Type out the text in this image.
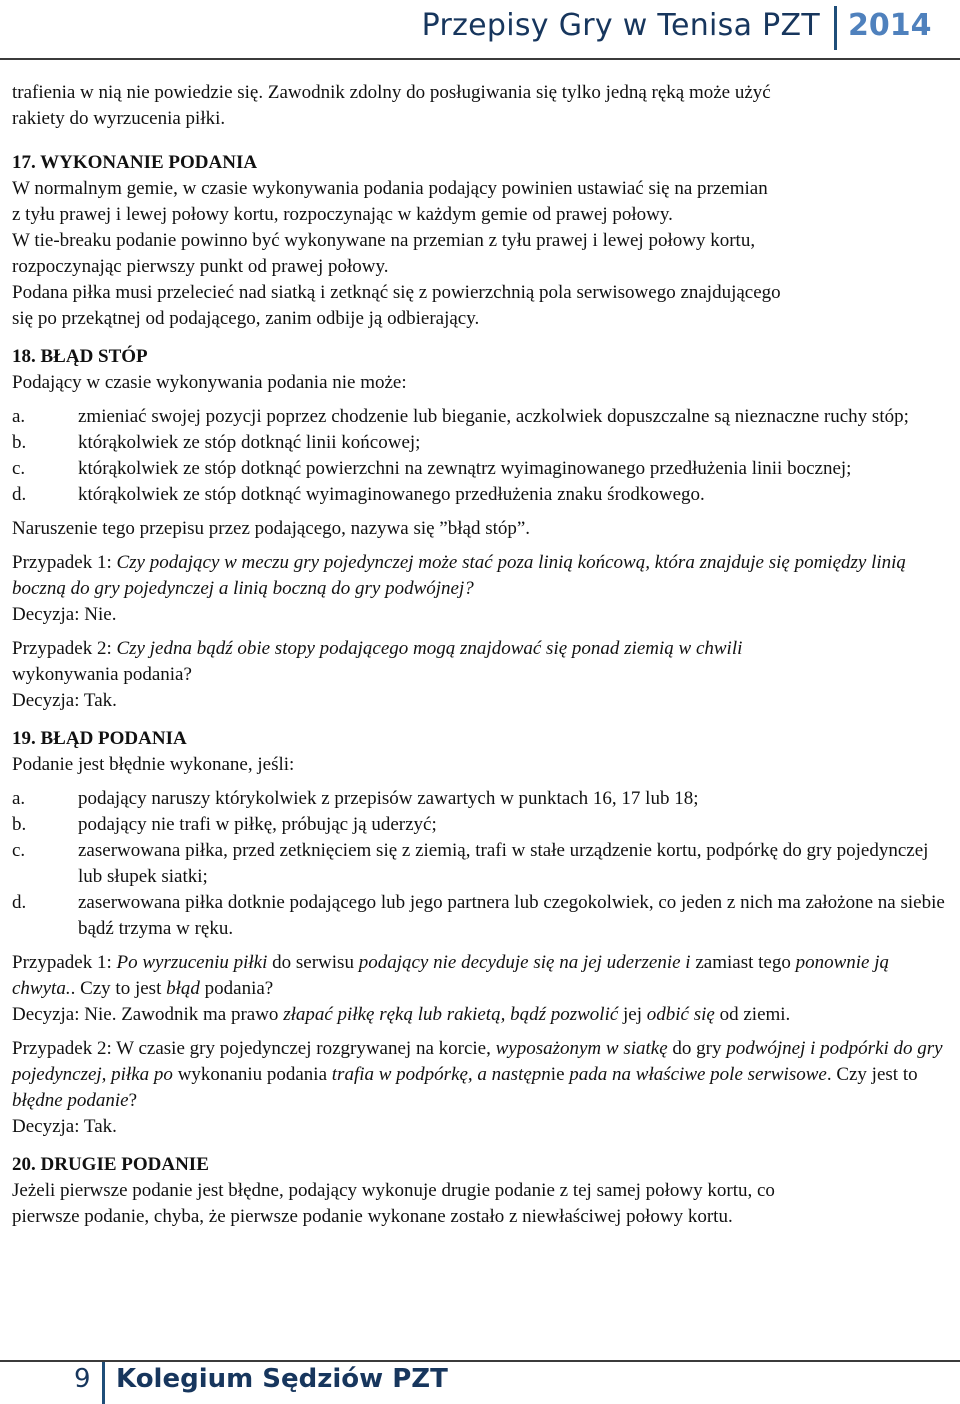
Przepisy Gry w Tenisa PZT 2014

trafienia w nią nie powiedzie się. Zawodnik zdolny do posługiwania się tylko jedną ręką może użyć

rakiety do wyrzucenia piłki.

17. WYKONANIE PODANIA

W normalnym gemie, w czasie wykonywania podania podający powinien ustawiać się na przemian

z tyłu prawej i lewej połowy kortu, rozpoczynając w każdym gemie od prawej połowy.

W tie-breaku podanie powinno być wykonywane na przemian z tyłu prawej i lewej połowy kortu,

rozpoczynając pierwszy punkt od prawej połowy.

Podana piłka musi przelecieć nad siatką i zetknąć się z powierzchnią pola serwisowego znajdującego

się po przekątnej od podającego, zanim odbije ją odbierający.

18. BŁĄD STÓP

Podający w czasie wykonywania podania nie może:

a.	zmieniać swojej pozycji poprzez chodzenie lub bieganie, aczkolwiek dopuszczalne są nieznaczne ruchy stóp;
b.	którąkolwiek ze stóp dotknąć linii końcowej;
c.	którąkolwiek ze stóp dotknąć powierzchni na zewnątrz wyimaginowanego przedłużenia linii bocznej;
d.	którąkolwiek ze stóp dotknąć wyimaginowanego przedłużenia znaku środkowego.

Naruszenie tego przepisu przez podającego, nazywa się ”błąd stóp”.

Przypadek 1: Czy podający w meczu gry pojedynczej może stać poza linią końcową, która znajduje się pomiędzy linią boczną do gry pojedynczej a linią boczną do gry podwójnej?

Decyzja: Nie.

Przypadek 2: Czy jedna bądź obie stopy podającego mogą znajdować się ponad ziemią w chwili

wykonywania podania?

Decyzja: Tak.

19. BŁĄD PODANIA

Podanie jest błędnie wykonane, jeśli:

a.	podający naruszy którykolwiek z przepisów zawartych w punktach 16, 17 lub 18;
b.	podający nie trafi w piłkę, próbując ją uderzyć;
c.	zaserwowana piłka, przed zetknięciem się z ziemią, trafi w stałe urządzenie kortu, podpórkę do gry pojedynczej lub słupek siatki;
d.	zaserwowana piłka dotknie podającego lub jego partnera lub czegokolwiek, co jeden z nich ma założone na siebie bądź trzyma w ręku.

Przypadek 1: Po wyrzuceniu piłki do serwisu podający nie decyduje się na jej uderzenie i zamiast tego ponownie ją chwyta.. Czy to jest błąd podania?

Decyzja: Nie. Zawodnik ma prawo złapać piłkę ręką lub rakietą, bądź pozwolić jej odbić się od ziemi.

Przypadek 2: W czasie gry pojedynczej rozgrywanej na korcie, wyposażonym w siatkę do gry podwójnej i podpórki do gry pojedynczej, piłka po wykonaniu podania trafia w podpórkę, a następnie pada na właściwe pole serwisowe. Czy jest to błędne podanie?

Decyzja: Tak.

20. DRUGIE PODANIE

Jeżeli pierwsze podanie jest błędne, podający wykonuje drugie podanie z tej samej połowy kortu, co

pierwsze podanie, chyba, że pierwsze podanie wykonane zostało z niewłaściwej połowy kortu.

9 Kolegium Sędziów PZT
